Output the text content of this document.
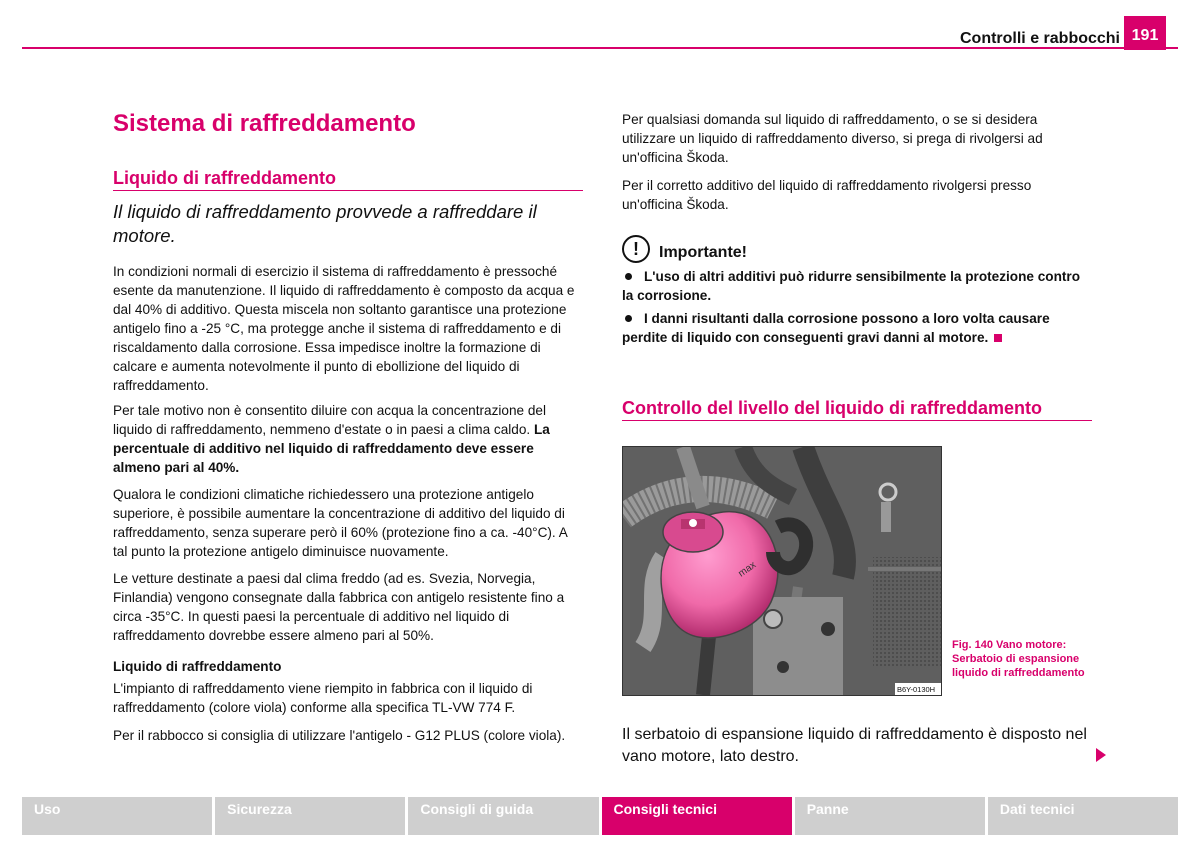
Controlli e rabbocchi 191
Sistema di raffreddamento
Liquido di raffreddamento
Il liquido di raffreddamento provvede a raffreddare il motore.

In condizioni normali di esercizio il sistema di raffreddamento è pressoché esente da manutenzione. Il liquido di raffreddamento è composto da acqua e dal 40% di additivo. Questa miscela non soltanto garantisce una protezione antigelo fino a -25 °C, ma protegge anche il sistema di raffreddamento e di riscaldamento dalla corrosione. Essa impedisce inoltre la formazione di calcare e aumenta notevolmente il punto di ebollizione del liquido di raffreddamento.

Per tale motivo non è consentito diluire con acqua la concentrazione del liquido di raffreddamento, nemmeno d'estate o in paesi a clima caldo. La percentuale di additivo nel liquido di raffreddamento deve essere almeno pari al 40%.

Qualora le condizioni climatiche richiedessero una protezione antigelo superiore, è possibile aumentare la concentrazione di additivo del liquido di raffreddamento, senza superare però il 60% (protezione fino a ca. -40°C). A tal punto la protezione antigelo diminuisce nuovamente.

Le vetture destinate a paesi dal clima freddo (ad es. Svezia, Norvegia, Finlandia) vengono consegnate dalla fabbrica con antigelo resistente fino a circa -35°C. In questi paesi la percentuale di additivo nel liquido di raffreddamento dovrebbe essere almeno pari al 50%.

Liquido di raffreddamento

L'impianto di raffreddamento viene riempito in fabbrica con il liquido di raffreddamento (colore viola) conforme alla specifica TL-VW 774 F.

Per il rabbocco si consiglia di utilizzare l'antigelo - G12 PLUS (colore viola).

Per qualsiasi domanda sul liquido di raffreddamento, o se si desidera utilizzare un liquido di raffreddamento diverso, si prega di rivolgersi ad un'officina Škoda.

Per il corretto additivo del liquido di raffreddamento rivolgersi presso un'officina Škoda.

!	Importante!
L'uso di altri additivi può ridurre sensibilmente la protezione contro la corrosione.
I danni risultanti dalla corrosione possono a loro volta causare perdite di liquido con conseguenti gravi danni al motore.
Controllo del livello del liquido di raffreddamento
max
B6Y-0130H
Fig. 140 Vano motore: Serbatoio di espansione liquido di raffreddamento

Il serbatoio di espansione liquido di raffreddamento è disposto nel vano motore, lato destro.

Uso	Sicurezza	Consigli di guida	Consigli tecnici	Panne	Dati tecnici
